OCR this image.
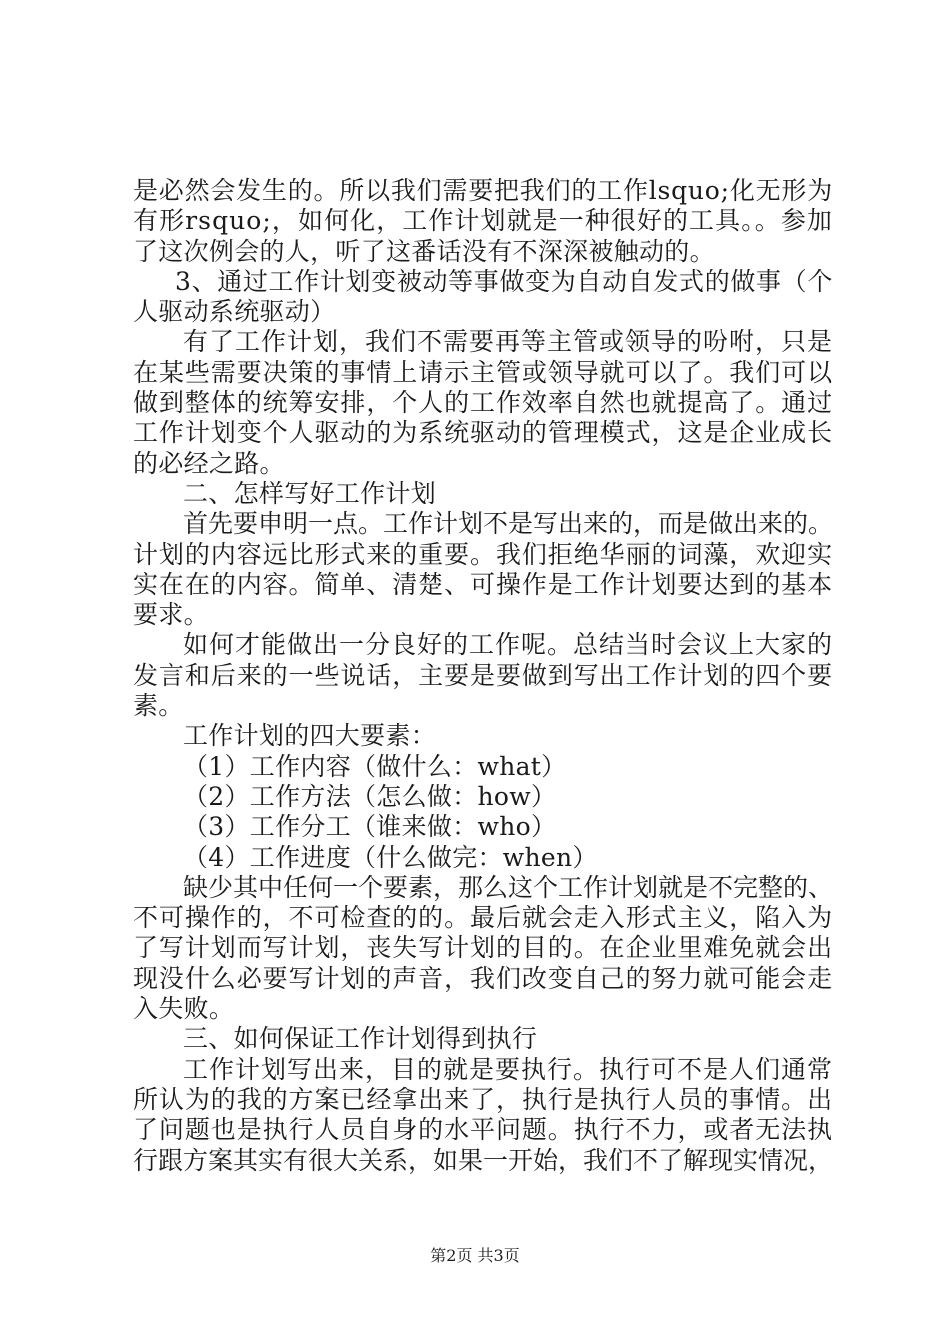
是必然会发生的。所以我们需要把我们的工作lsquo;化无形为
有形rsquo;，如何化，工作计划就是一种很好的工具。。参加
了这次例会的人，听了这番话没有不深深被触动的。
3、通过工作计划变被动等事做变为自动自发式的做事（个
人驱动系统驱动）
有了工作计划，我们不需要再等主管或领导的吩咐，只是
在某些需要决策的事情上请示主管或领导就可以了。我们可以
做到整体的统筹安排，个人的工作效率自然也就提高了。通过
工作计划变个人驱动的为系统驱动的管理模式，这是企业成长
的必经之路。
二、怎样写好工作计划
首先要申明一点。工作计划不是写出来的，而是做出来的。
计划的内容远比形式来的重要。我们拒绝华丽的词藻，欢迎实
实在在的内容。简单、清楚、可操作是工作计划要达到的基本
要求。
如何才能做出一分良好的工作呢。总结当时会议上大家的
发言和后来的一些说话，主要是要做到写出工作计划的四个要
素。
工作计划的四大要素：
（1）工作内容（做什么：what）
（2）工作方法（怎么做：how）
（3）工作分工（谁来做：who）
（4）工作进度（什么做完：when）
缺少其中任何一个要素，那么这个工作计划就是不完整的、
不可操作的，不可检查的的。最后就会走入形式主义，陷入为
了写计划而写计划，丧失写计划的目的。在企业里难免就会出
现没什么必要写计划的声音，我们改变自己的努力就可能会走
入失败。
三、如何保证工作计划得到执行
工作计划写出来，目的就是要执行。执行可不是人们通常
所认为的我的方案已经拿出来了，执行是执行人员的事情。出
了问题也是执行人员自身的水平问题。执行不力，或者无法执
行跟方案其实有很大关系，如果一开始，我们不了解现实情况，
第2页 共3页
